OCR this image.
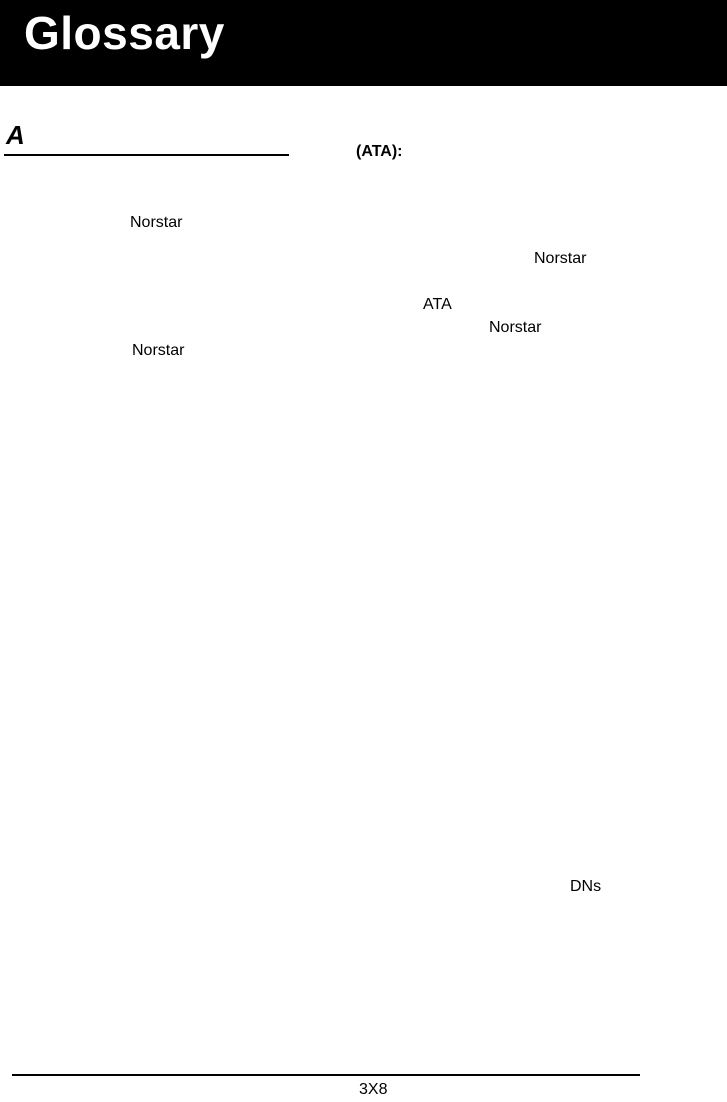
Glossary
A
(ATA):
Norstar
Norstar
ATA
Norstar
Norstar
DNs
3X8
